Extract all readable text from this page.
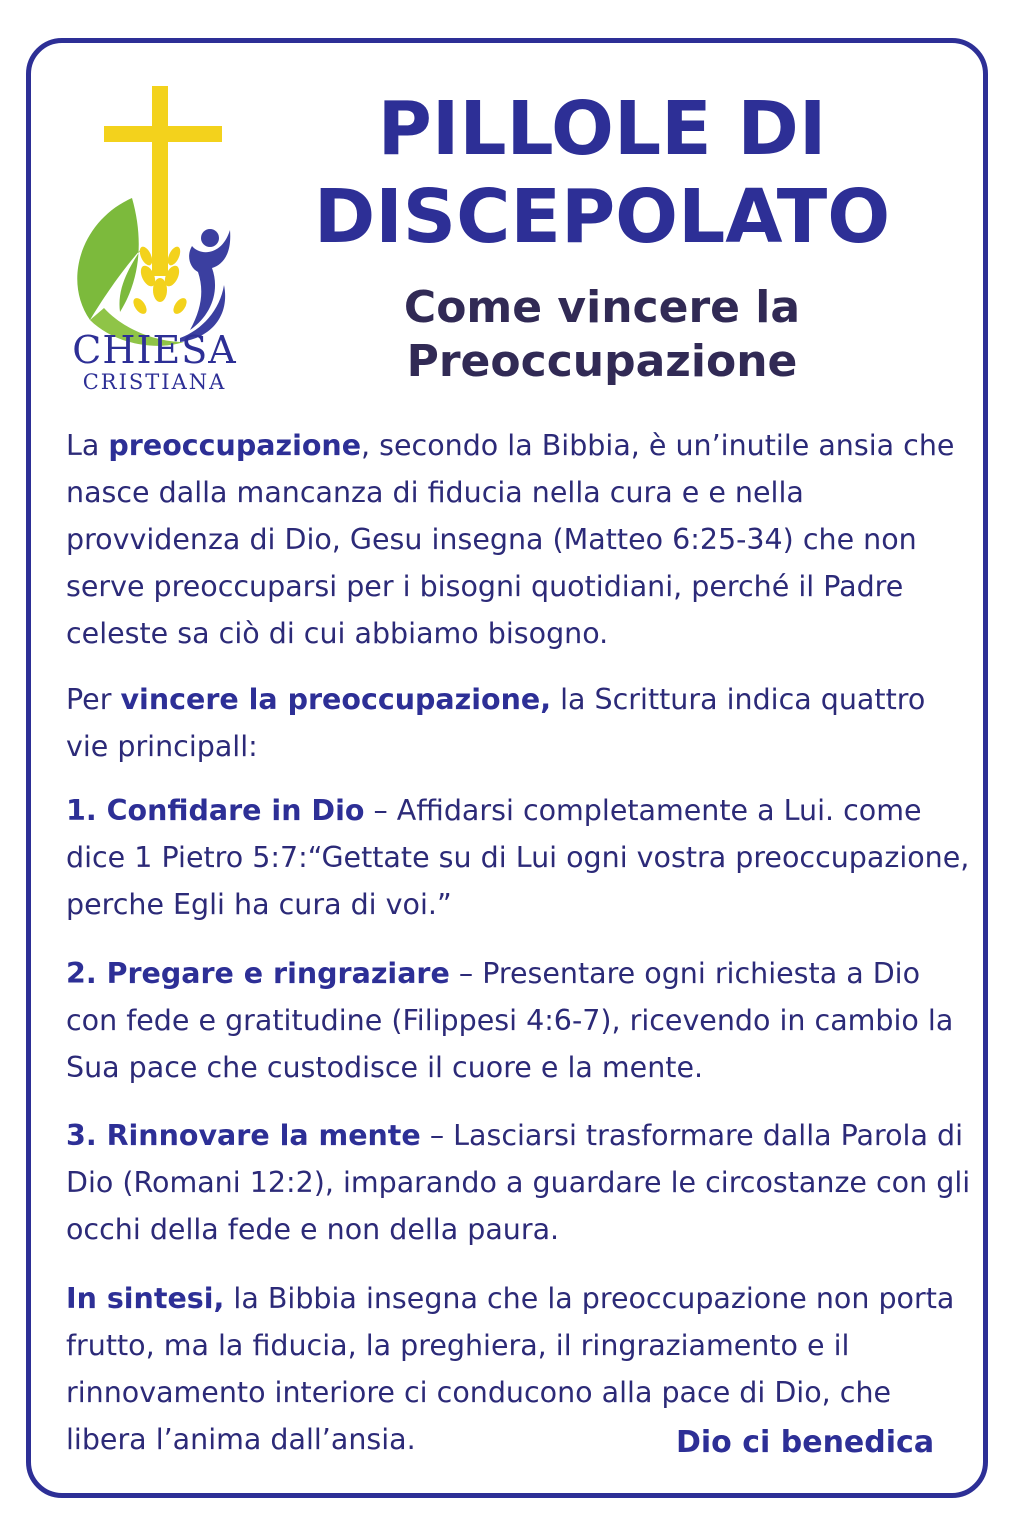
CHIESA
CRISTIANA
PILLOLE DI
DISCEPOLATO
Come vincere la
Preoccupazione
La preoccupazione, secondo la Bibbia, è un’inutile ansia che nasce dalla mancanza di fiducia nella cura e e nella provvidenza di Dio, Gesu insegna (Matteo 6:25-34) che non serve preoccuparsi per i bisogni quotidiani, perché il Padre celeste sa ciò di cui abbiamo bisogno.
Per vincere la preoccupazione, la Scrittura indica quattro vie principall:
1. Confidare in Dio – Affidarsi completamente a Lui. come dice 1 Pietro 5:7:“Gettate su di Lui ogni vostra preoccupazione, perche Egli ha cura di voi.”
2. Pregare e ringraziare – Presentare ogni richiesta a Dio con fede e gratitudine (Filippesi 4:6-7), ricevendo in cambio la Sua pace che custodisce il cuore e la mente.
3. Rinnovare la mente – Lasciarsi trasformare dalla Parola di Dio (Romani 12:2), imparando a guardare le circostanze con gli occhi della fede e non della paura.
In sintesi, la Bibbia insegna che la preoccupazione non porta frutto, ma la fiducia, la preghiera, il ringraziamento e il rinnovamento interiore ci conducono alla pace di Dio, che libera l’anima dall’ansia.	Dio ci benedica
